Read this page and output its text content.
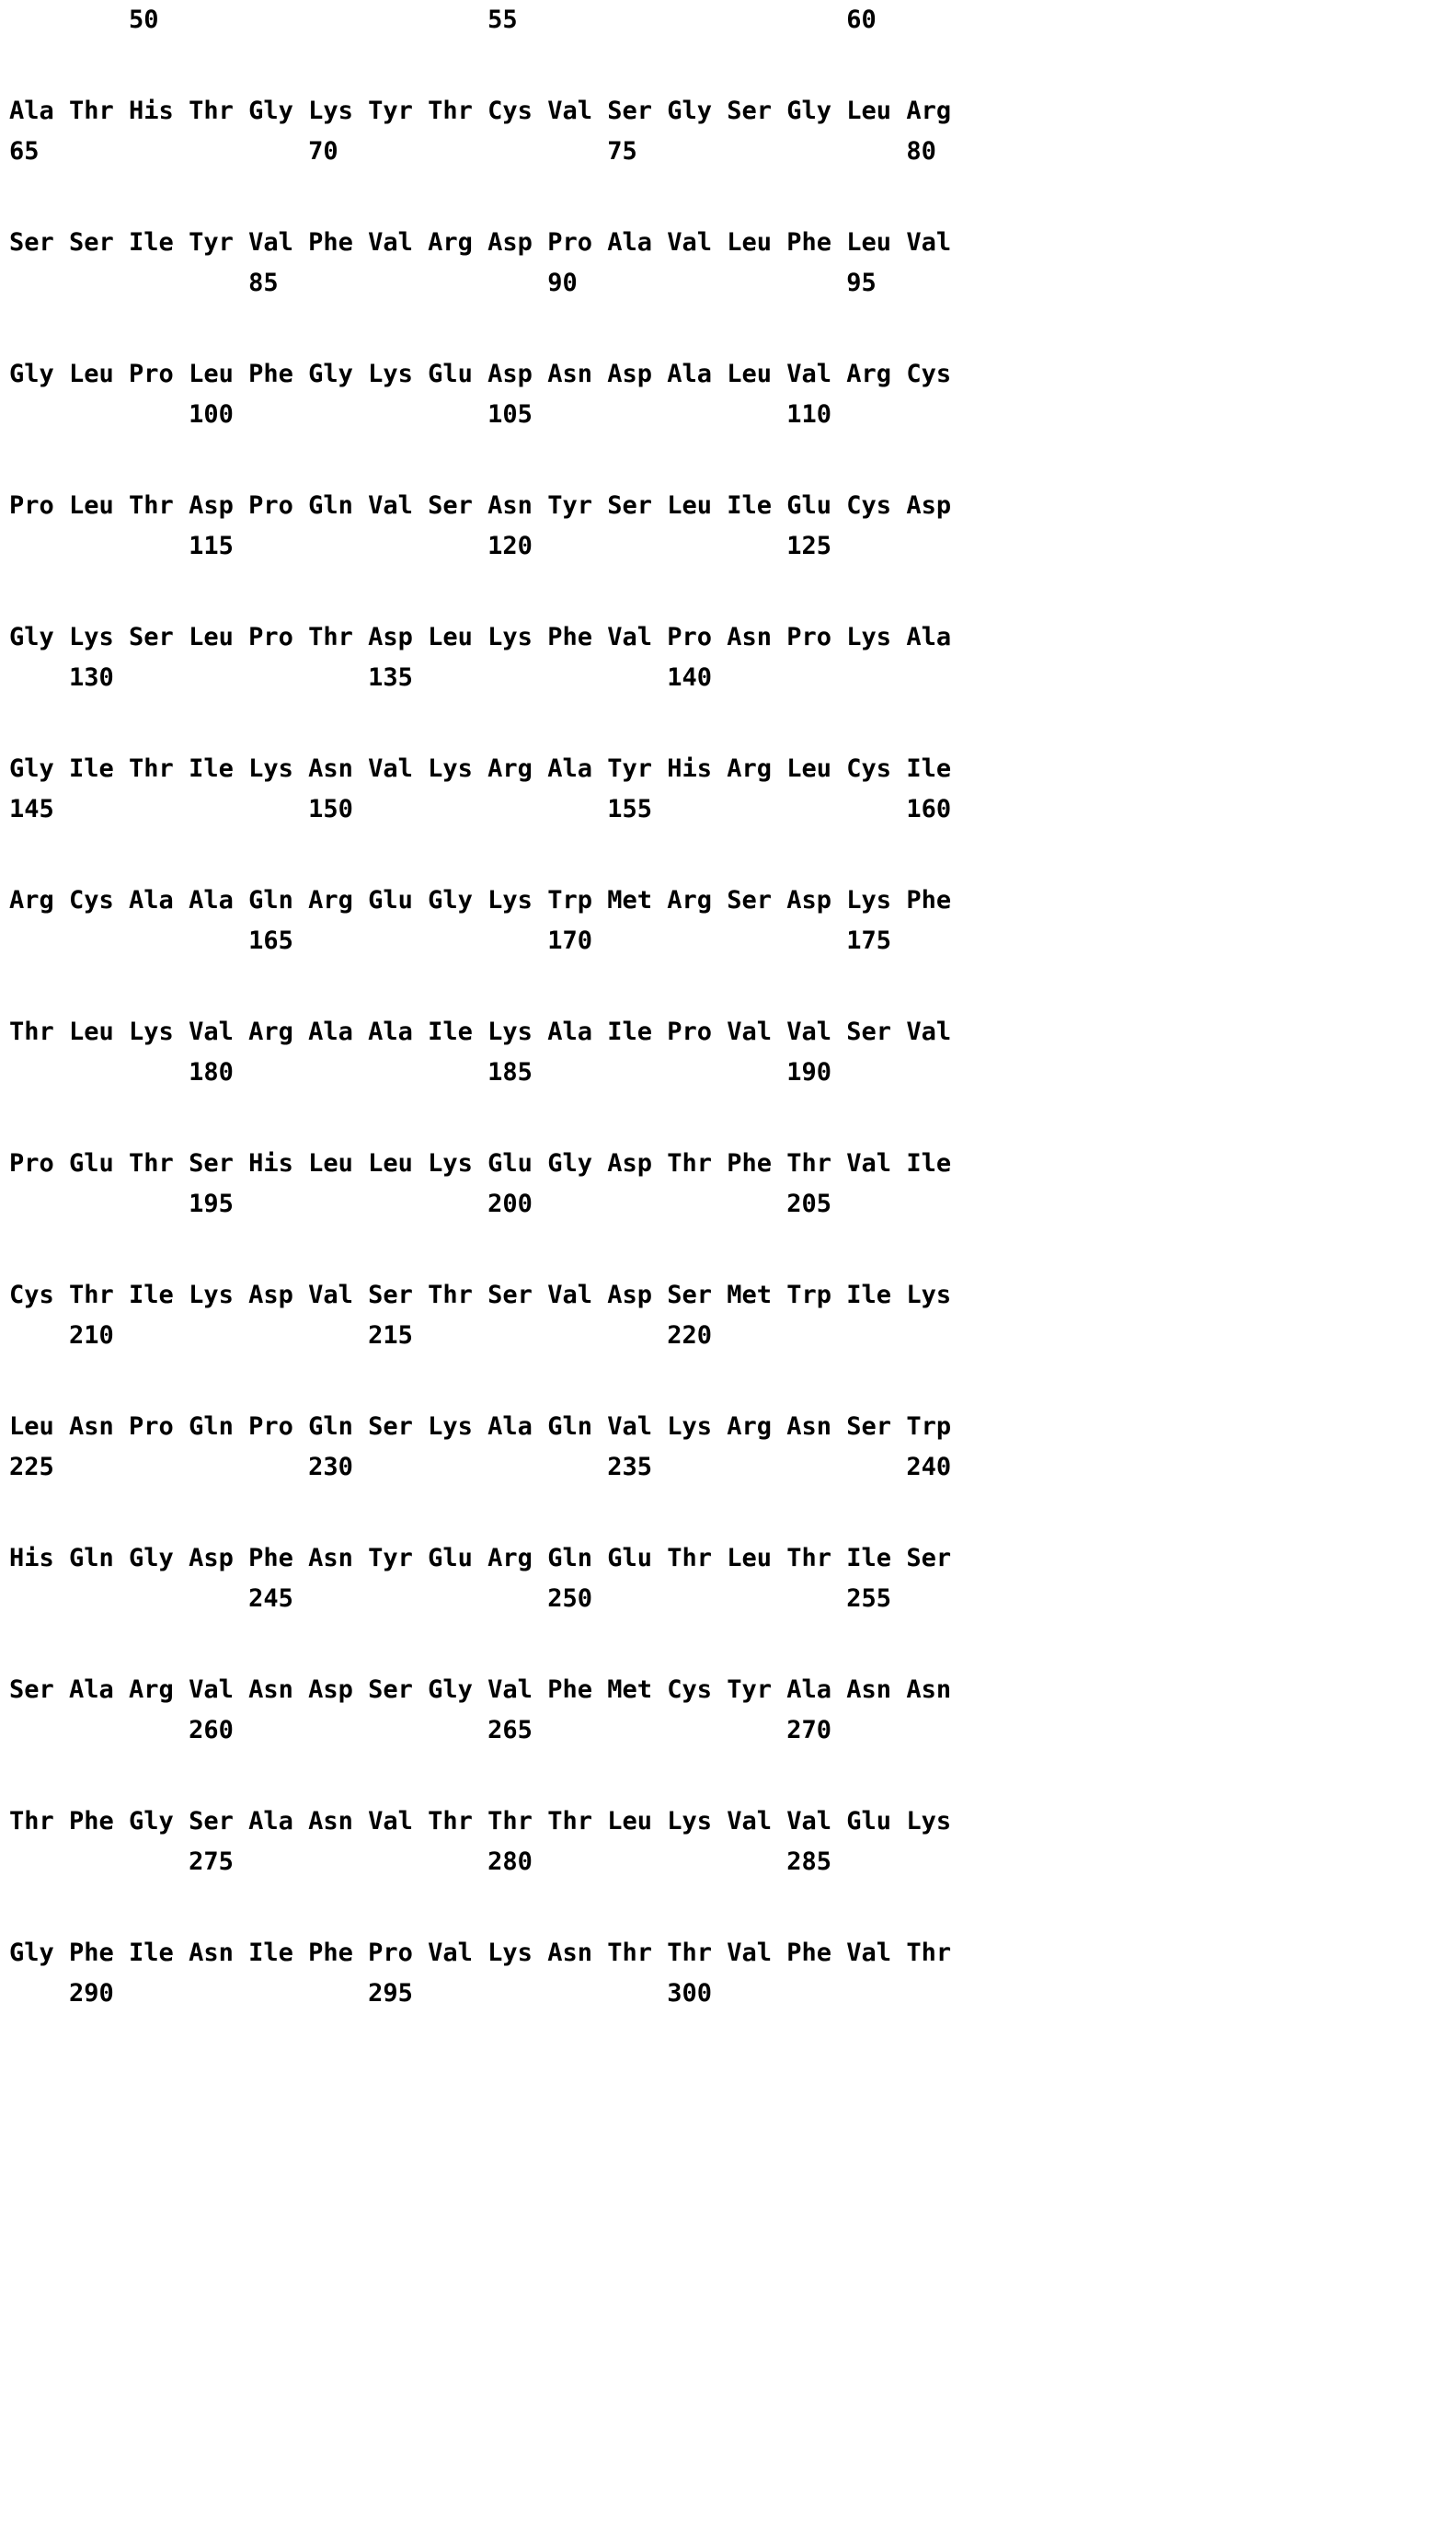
50                      55                      60
Ala Thr His Thr Gly Lys Tyr Thr Cys Val Ser Gly Ser Gly Leu Arg
65                  70                  75                  80
Ser Ser Ile Tyr Val Phe Val Arg Asp Pro Ala Val Leu Phe Leu Val
85                  90                  95
Gly Leu Pro Leu Phe Gly Lys Glu Asp Asn Asp Ala Leu Val Arg Cys
100                 105                 110
Pro Leu Thr Asp Pro Gln Val Ser Asn Tyr Ser Leu Ile Glu Cys Asp
115                 120                 125
Gly Lys Ser Leu Pro Thr Asp Leu Lys Phe Val Pro Asn Pro Lys Ala
130                 135                 140
Gly Ile Thr Ile Lys Asn Val Lys Arg Ala Tyr His Arg Leu Cys Ile
145                 150                 155                 160
Arg Cys Ala Ala Gln Arg Glu Gly Lys Trp Met Arg Ser Asp Lys Phe
165                 170                 175
Thr Leu Lys Val Arg Ala Ala Ile Lys Ala Ile Pro Val Val Ser Val
180                 185                 190
Pro Glu Thr Ser His Leu Leu Lys Glu Gly Asp Thr Phe Thr Val Ile
195                 200                 205
Cys Thr Ile Lys Asp Val Ser Thr Ser Val Asp Ser Met Trp Ile Lys
210                 215                 220
Leu Asn Pro Gln Pro Gln Ser Lys Ala Gln Val Lys Arg Asn Ser Trp
225                 230                 235                 240
His Gln Gly Asp Phe Asn Tyr Glu Arg Gln Glu Thr Leu Thr Ile Ser
245                 250                 255
Ser Ala Arg Val Asn Asp Ser Gly Val Phe Met Cys Tyr Ala Asn Asn
260                 265                 270
Thr Phe Gly Ser Ala Asn Val Thr Thr Thr Leu Lys Val Val Glu Lys
275                 280                 285
Gly Phe Ile Asn Ile Phe Pro Val Lys Asn Thr Thr Val Phe Val Thr
290                 295                 300
